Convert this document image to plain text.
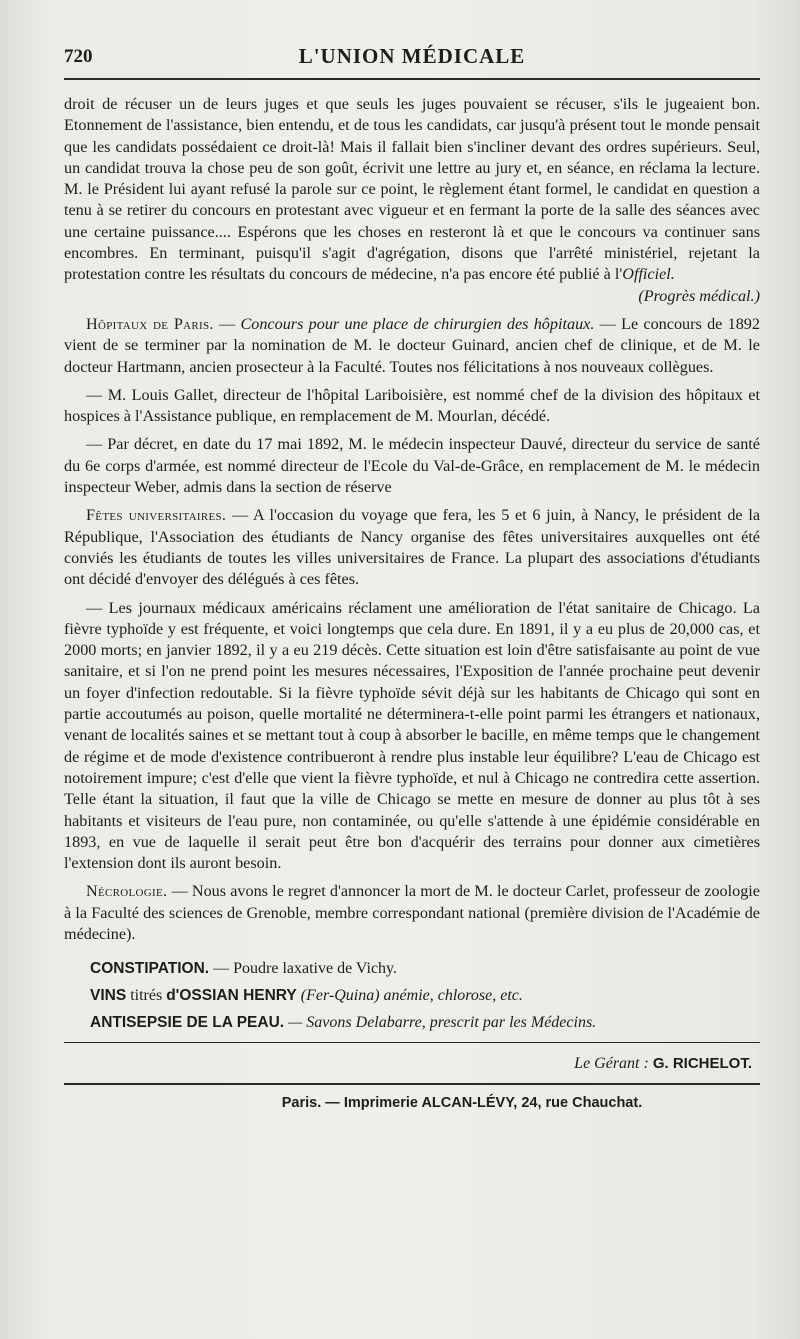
720	L'UNION MÉDICALE

droit de récuser un de leurs juges et que seuls les juges pouvaient se récuser, s'ils le jugeaient bon. Etonnement de l'assistance, bien entendu, et de tous les candidats, car jusqu'à présent tout le monde pensait que les candidats possédaient ce droit-là! Mais il fallait bien s'incliner devant des ordres supérieurs. Seul, un candidat trouva la chose peu de son goût, écrivit une lettre au jury et, en séance, en réclama la lecture. M. le Président lui ayant refusé la parole sur ce point, le règlement étant formel, le candidat en question a tenu à se retirer du concours en protestant avec vigueur et en fermant la porte de la salle des séances avec une certaine puissance.... Espérons que les choses en resteront là et que le concours va continuer sans encombres. En terminant, puisqu'il s'agit d'agrégation, disons que l'arrêté ministériel, rejetant la protestation contre les résultats du concours de médecine, n'a pas encore été publié à l'Officiel.

(Progrès médical.)

Hôpitaux de Paris. — Concours pour une place de chirurgien des hôpitaux. — Le concours de 1892 vient de se terminer par la nomination de M. le docteur Guinard, ancien chef de clinique, et de M. le docteur Hartmann, ancien prosecteur à la Faculté. Toutes nos félicitations à nos nouveaux collègues.

— M. Louis Gallet, directeur de l'hôpital Lariboisière, est nommé chef de la division des hôpitaux et hospices à l'Assistance publique, en remplacement de M. Mourlan, décédé.

— Par décret, en date du 17 mai 1892, M. le médecin inspecteur Dauvé, directeur du service de santé du 6e corps d'armée, est nommé directeur de l'Ecole du Val-de-Grâce, en remplacement de M. le médecin inspecteur Weber, admis dans la section de réserve

Fêtes universitaires. — A l'occasion du voyage que fera, les 5 et 6 juin, à Nancy, le président de la République, l'Association des étudiants de Nancy organise des fêtes universitaires auxquelles ont été conviés les étudiants de toutes les villes universitaires de France. La plupart des associations d'étudiants ont décidé d'envoyer des délégués à ces fêtes.

— Les journaux médicaux américains réclament une amélioration de l'état sanitaire de Chicago. La fièvre typhoïde y est fréquente, et voici longtemps que cela dure. En 1891, il y a eu plus de 20,000 cas, et 2000 morts; en janvier 1892, il y a eu 219 décès. Cette situation est loin d'être satisfaisante au point de vue sanitaire, et si l'on ne prend point les mesures nécessaires, l'Exposition de l'année prochaine peut devenir un foyer d'infection redoutable. Si la fièvre typhoïde sévit déjà sur les habitants de Chicago qui sont en partie accoutumés au poison, quelle mortalité ne déterminera-t-elle point parmi les étrangers et nationaux, venant de localités saines et se mettant tout à coup à absorber le bacille, en même temps que le changement de régime et de mode d'existence contribueront à rendre plus instable leur équilibre? L'eau de Chicago est notoirement impure; c'est d'elle que vient la fièvre typhoïde, et nul à Chicago ne contredira cette assertion. Telle étant la situation, il faut que la ville de Chicago se mette en mesure de donner au plus tôt à ses habitants et visiteurs de l'eau pure, non contaminée, ou qu'elle s'attende à une épidémie considérable en 1893, en vue de laquelle il serait peut être bon d'acquérir des terrains pour donner aux cimetières l'extension dont ils auront besoin.

Nécrologie. — Nous avons le regret d'annoncer la mort de M. le docteur Carlet, professeur de zoologie à la Faculté des sciences de Grenoble, membre correspondant national (première division de l'Académie de médecine).

CONSTIPATION. — Poudre laxative de Vichy.
VINS titrés d'OSSIAN HENRY (Fer-Quina) anémie, chlorose, etc.
ANTISEPSIE DE LA PEAU. — Savons Delabarre, prescrit par les Médecins.
Le Gérant : G. RICHELOT.
Paris. — Imprimerie ALCAN-LÉVY, 24, rue Chauchat.
